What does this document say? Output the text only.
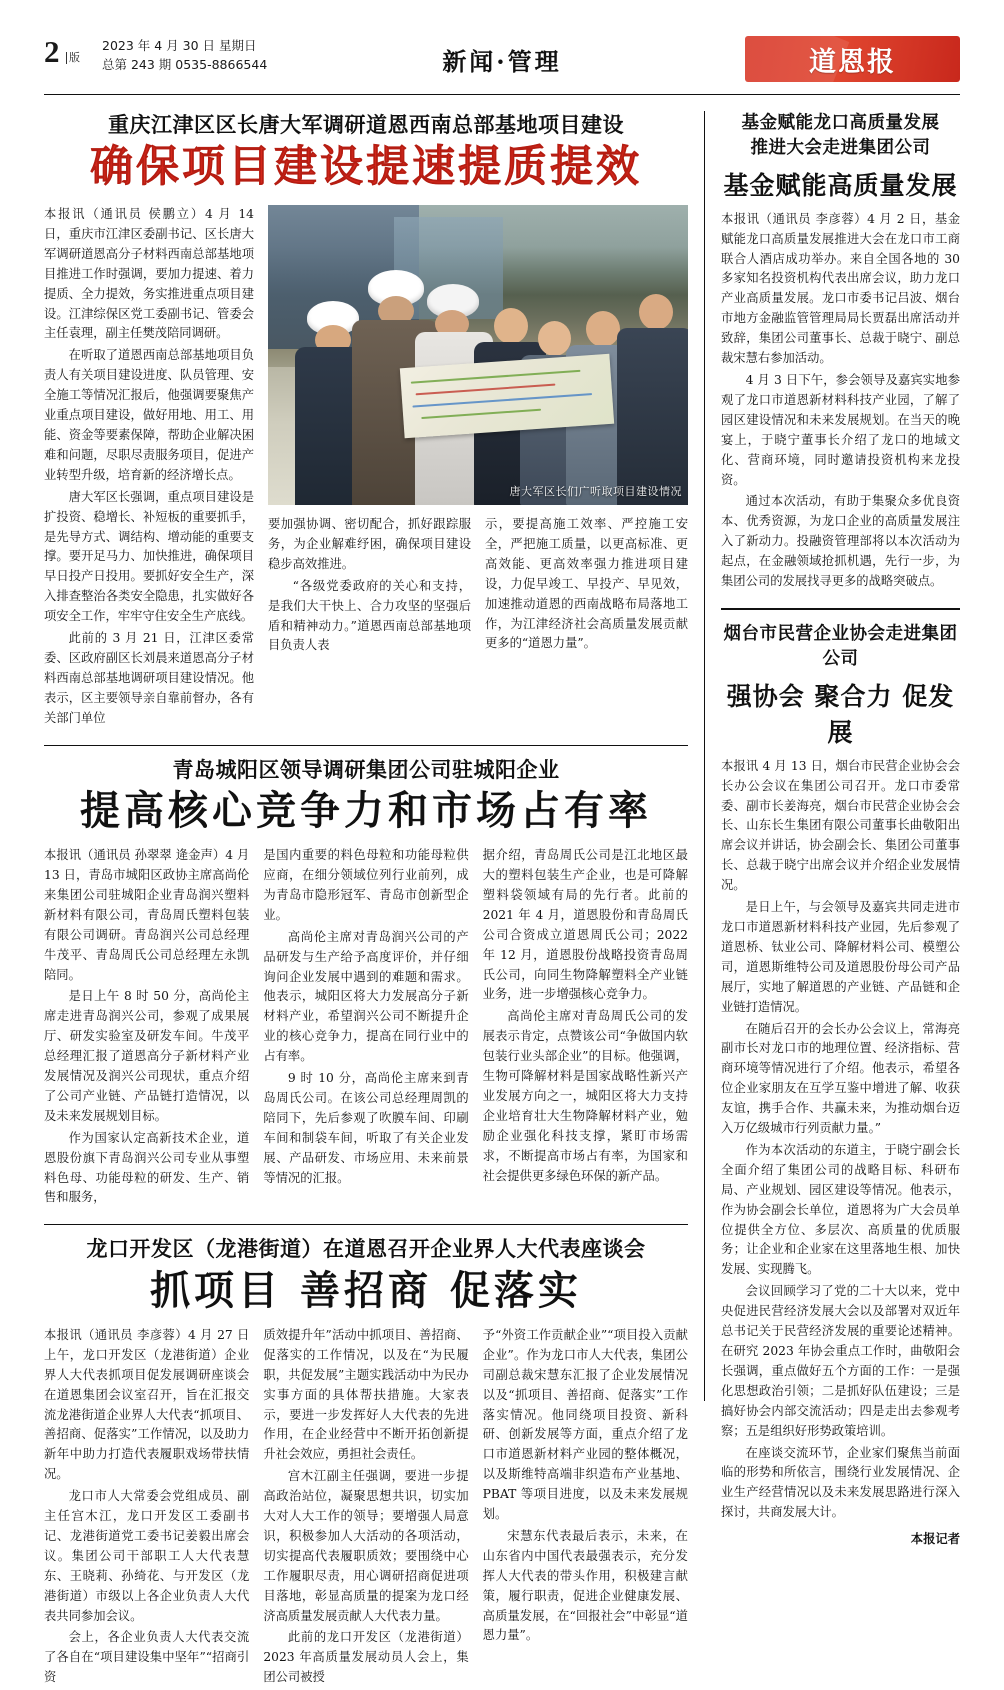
2 版
2023 年 4 月 30 日 星期日
总第 243 期 0535-8866544	新闻·管理	道恩报
重庆江津区区长唐大军调研道恩西南总部基地项目建设
确保项目建设提速提质提效

本报讯（通讯员 侯鹏立）4 月 14 日，重庆市江津区委副书记、区长唐大军调研道恩高分子材料西南总部基地项目推进工作时强调，要加力提速、着力提质、全力提效，务实推进重点项目建设。江津综保区党工委副书记、管委会主任袁理，副主任樊茂陪同调研。

在听取了道恩西南总部基地项目负责人有关项目建设进度、队员管理、安全施工等情况汇报后，他强调要聚焦产业重点项目建设，做好用地、用工、用能、资金等要素保障，帮助企业解决困难和问题，尽职尽责服务项目，促进产业转型升级，培育新的经济增长点。

唐大军区长强调，重点项目建设是扩投资、稳增长、补短板的重要抓手，是先导方式、调结构、增动能的重要支撑。要开足马力、加快推进，确保项目早日投产日投用。要抓好安全生产，深入排查整治各类安全隐患，扎实做好各项安全工作，牢牢守住安全生产底线。

此前的 3 月 21 日，江津区委常委、区政府副区长刘晨来道恩高分子材料西南总部基地调研项目建设情况。他表示，区主要领导亲自靠前督办，各有关部门单位

唐大军区长们广听取项目建设情况

要加强协调、密切配合，抓好跟踪服务，为企业解难纾困，确保项目建设稳步高效推进。

“各级党委政府的关心和支持，是我们大干快上、合力攻坚的坚强后盾和精神动力。”道恩西南总部基地项目负责人表

示，要提高施工效率、严控施工安全，严把施工质量，以更高标准、更高效能、更高效率强力推进项目建设，力促早竣工、早投产、早见效，加速推动道恩的西南战略布局落地工作，为江津经济社会高质量发展贡献更多的“道恩力量”。

青岛城阳区领导调研集团公司驻城阳企业
提高核心竞争力和市场占有率

本报讯（通讯员 孙翠翠 逄金声）4 月 13 日，青岛市城阳区政协主席高尚伦来集团公司驻城阳企业青岛润兴塑料新材料有限公司，青岛周氏塑料包装有限公司调研。青岛润兴公司总经理牛茂平、青岛周氏公司总经理左永凯陪同。

是日上午 8 时 50 分，高尚伦主席走进青岛润兴公司，参观了成果展厅、研发实验室及研发车间。牛茂平总经理汇报了道恩高分子新材料产业发展情况及润兴公司现状，重点介绍了公司产业链、产品链打造情况，以及未来发展规划目标。

作为国家认定高新技术企业，道恩股份旗下青岛润兴公司专业从事塑料色母、功能母粒的研发、生产、销售和服务，

是国内重要的料色母粒和功能母粒供应商，在细分领域位列行业前列，成为青岛市隐形冠军、青岛市创新型企业。

高尚伦主席对青岛润兴公司的产品研发与生产给予高度评价，并仔细询问企业发展中遇到的难题和需求。他表示，城阳区将大力发展高分子新材料产业，希望润兴公司不断提升企业的核心竞争力，提高在同行业中的占有率。

9 时 10 分，高尚伦主席来到青岛周氏公司。在该公司总经理周凯的陪同下，先后参观了吹膜车间、印刷车间和制袋车间，听取了有关企业发展、产品研发、市场应用、未来前景等情况的汇报。

据介绍，青岛周氏公司是江北地区最大的塑料包装生产企业，也是可降解塑料袋领域有局的先行者。此前的 2021 年 4 月，道恩股份和青岛周氏公司合资成立道恩周氏公司；2022 年 12 月，道恩股份战略投资青岛周氏公司，向同生物降解塑料全产业链业务，进一步增强核心竞争力。

高尚伦主席对青岛周氏公司的发展表示肯定，点赞该公司“争做国内软包装行业头部企业”的目标。他强调，生物可降解材料是国家战略性新兴产业发展方向之一，城阳区将大力支持企业培育壮大生物降解材料产业，勉励企业强化科技支撑，紧盯市场需求，不断提高市场占有率，为国家和社会提供更多绿色环保的新产品。

龙口开发区（龙港街道）在道恩召开企业界人大代表座谈会
抓项目 善招商 促落实

本报讯（通讯员 李彦蓉）4 月 27 日上午，龙口开发区（龙港街道）企业界人大代表抓项目促发展调研座谈会在道恩集团会议室召开，旨在汇报交流龙港街道企业界人大代表“抓项目、善招商、促落实”工作情况，以及助力新年中助力打造代表履职戏场带扶情况。

龙口市人大常委会党组成员、副主任宫木江，龙口开发区工委副书记、龙港街道党工委书记姜毅出席会议。集团公司干部职工人大代表慧东、王晓莉、孙绮花、与开发区（龙港街道）市级以上各企业负责人大代表共同参加会议。

会上，各企业负责人大代表交流了各自在“项目建设集中坚年”“招商引资

质效提升年”活动中抓项目、善招商、促落实的工作情况，以及在“为民履职，共促发展”主题实践活动中为民办实事方面的具体帮扶措施。大家表示，要进一步发挥好人大代表的先进作用，在企业经营中不断开拓创新提升社会效应，勇担社会责任。

宫木江副主任强调，要进一步提高政治站位，凝聚思想共识，切实加大对人大工作的领导；要增强人局意识，积极参加人大活动的各项活动，切实提高代表履职质效；要围绕中心工作履职尽责，用心调研招商促进项目落地，彰显高质量的提案为龙口经济高质量发展贡献人大代表力量。

此前的龙口开发区（龙港街道）2023 年高质量发展动员人会上，集团公司被授

予“外资工作贡献企业”“项目投入贡献企业”。作为龙口市人大代表，集团公司副总裁宋慧东汇报了企业发展情况以及“抓项目、善招商、促落实”工作落实情况。他同绕项目投资、新科研、创新发展等方面，重点介绍了龙口市道恩新材料产业园的整体概况，以及斯维特高端非织造布产业基地、PBAT 等项目进度，以及未来发展规划。

宋慧东代表最后表示，未来，在山东省内中国代表最强表示，充分发挥人大代表的带头作用，积极建言献策，履行职责，促进企业健康发展、高质量发展，在“回报社会”中彰显“道恩力量”。

基金赋能龙口高质量发展
推进大会走进集团公司
基金赋能高质量发展

本报讯（通讯员 李彦蓉）4 月 2 日，基金赋能龙口高质量发展推进大会在龙口市工商联合人酒店成功举办。来自全国各地的 30 多家知名投资机构代表出席会议，助力龙口产业高质量发展。龙口市委书记吕波、烟台市地方金融监管管理局局长贾磊出席活动并致辞，集团公司董事长、总裁于晓宁、副总裁宋慧右参加活动。

4 月 3 日下午，参会领导及嘉宾实地参观了龙口市道恩新材料科技产业园，了解了园区建设情况和未来发展规划。在当天的晚宴上，于晓宁董事长介绍了龙口的地域文化、营商环境，同时邀请投资机构来龙投资。

通过本次活动，有助于集聚众多优良资本、优秀资源，为龙口企业的高质量发展注入了新动力。投融资管理部将以本次活动为起点，在金融领域抢抓机遇，先行一步，为集团公司的发展找寻更多的战略突破点。

烟台市民营企业协会走进集团公司
强协会 聚合力 促发展

本报讯 4 月 13 日，烟台市民营企业协会会长办公会议在集团公司召开。龙口市委常委、副市长姜海亮，烟台市民营企业协会会长、山东长生集团有限公司董事长曲敬阳出席会议并讲话，协会副会长、集团公司董事长、总裁于晓宁出席会议并介绍企业发展情况。

是日上午，与会领导及嘉宾共同走进市龙口市道恩新材料科技产业园，先后参观了道恩桥、钛业公司、降解材料公司、模塑公司，道恩斯维特公司及道恩股份母公司产品展厅，实地了解道恩的产业链、产品链和企业链打造情况。

在随后召开的会长办公会议上，常海亮副市长对龙口市的地理位置、经济指标、营商环境等情况进行了介绍。他表示，希望各位企业家朋友在互学互鉴中增进了解、收获友谊，携手合作、共赢未来，为推动烟台迈入万亿级城市行列贡献力量。”

作为本次活动的东道主，于晓宁副会长全面介绍了集团公司的战略目标、科研布局、产业规划、园区建设等情况。他表示，作为协会副会长单位，道恩将为广大会员单位提供全方位、多层次、高质量的优质服务；让企业和企业家在这里落地生根、加快发展、实现腾飞。

会议回顾学习了党的二十大以来，党中央促进民营经济发展大会以及部署对双近年总书记关于民营经济发展的重要论述精神。在研究 2023 年协会重点工作时，曲敬阳会长强调，重点做好五个方面的工作：一是强化思想政治引领；二是抓好队伍建设；三是搞好协会内部交流活动；四是走出去参观考察；五是组织好形势政策培训。

在座谈交流环节，企业家们聚焦当前面临的形势和所依言，围绕行业发展情况、企业生产经营情况以及未来发展思路进行深入探讨，共商发展大计。

本报记者
